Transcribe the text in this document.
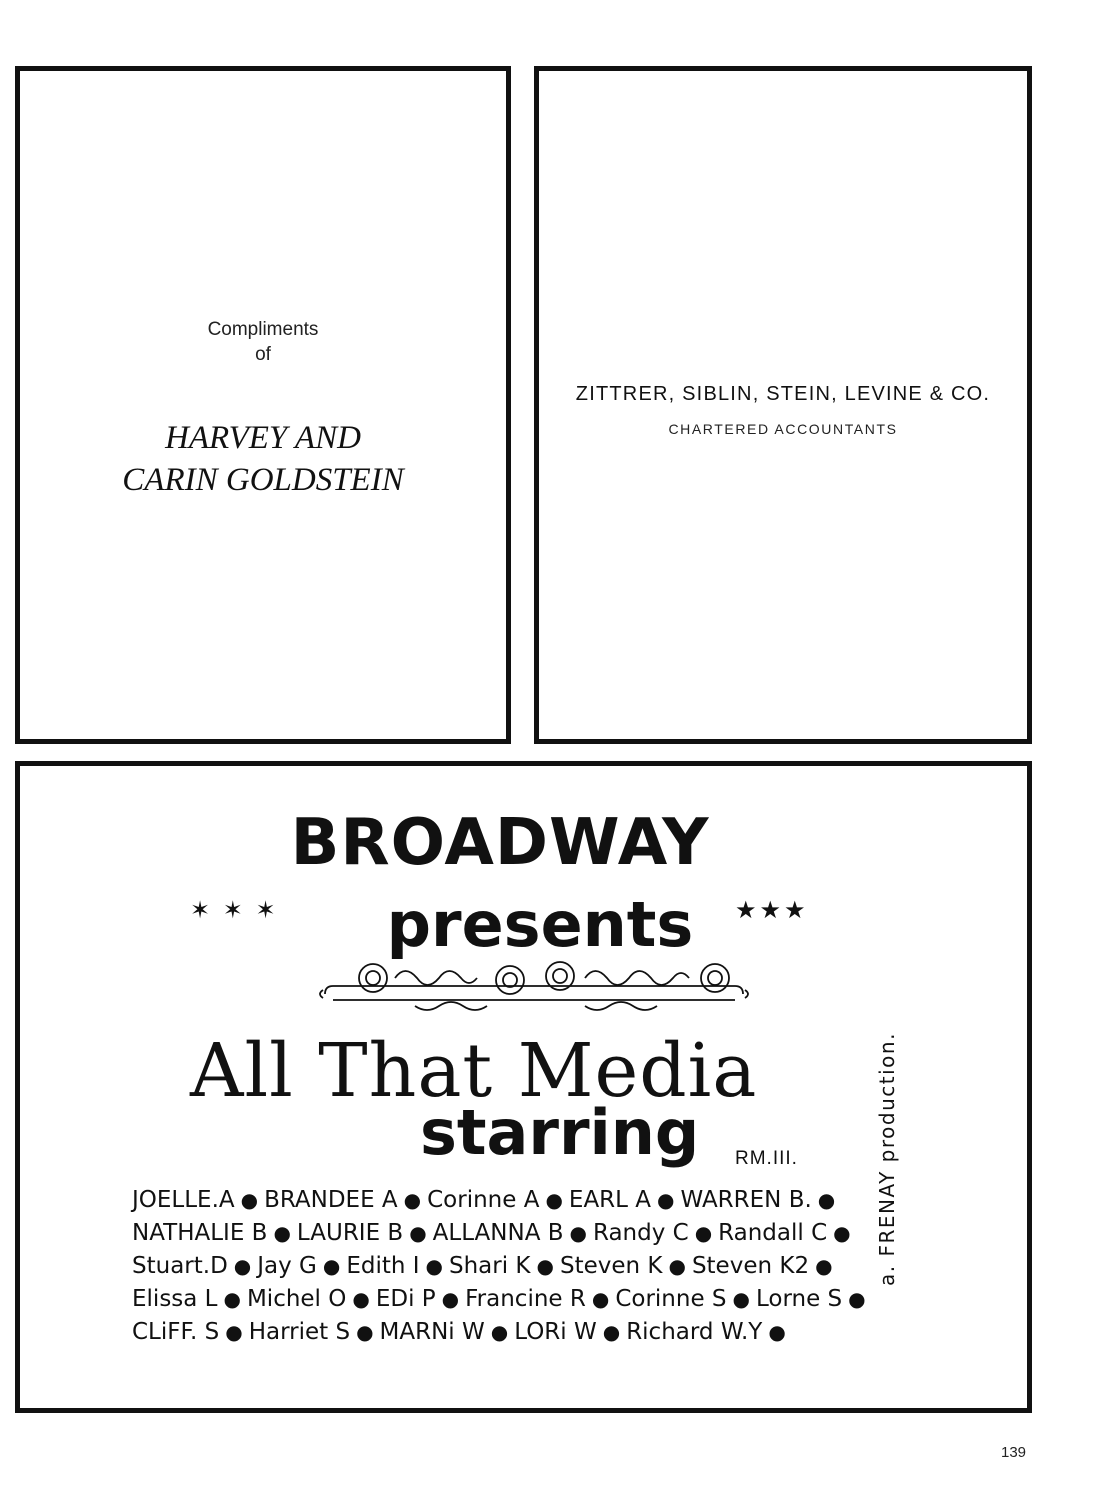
Compliments
of
HARVEY AND
CARIN GOLDSTEIN
ZITTRER, SIBLIN, STEIN, LEVINE & CO.
CHARTERED ACCOUNTANTS
BROADWAY
✶ ✶ ✶	presents	★★★
All That Media
starring RM.III.	a. FRENAY production.
JOELLE.A ● BRANDEE A ● Corinne A ● EARL A ● WARREN B. ●
NATHALIE B ● LAURIE B ● ALLANNA B ● Randy C ● Randall C ●
Stuart.D ● Jay G ● Edith I ● Shari K ● Steven K ● Steven K2 ●
Elissa L ● Michel O ● EDi P ● Francine R ● Corinne S ● Lorne S ●
CLiFF. S ● Harriet S ● MARNi W ● LORi W ● Richard W.Y ●
139
